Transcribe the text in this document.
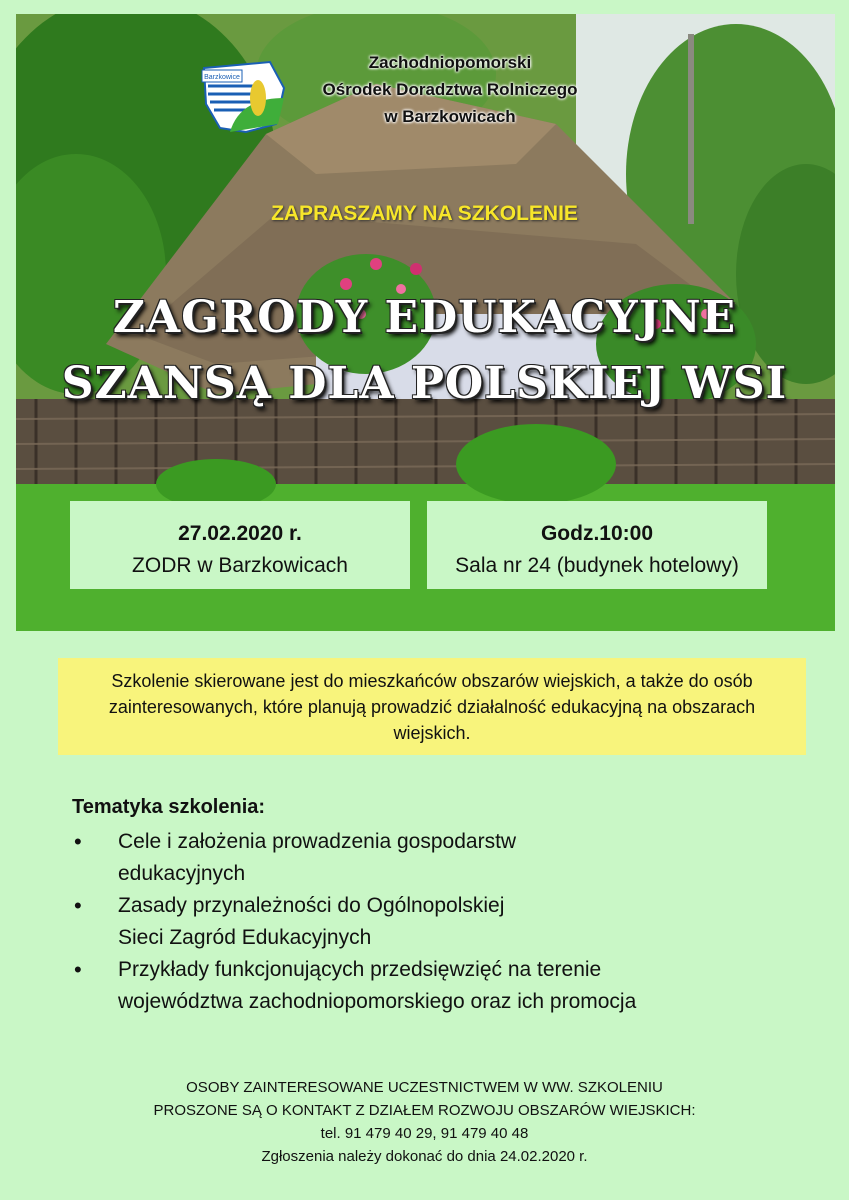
Barzkowice
Zachodniopomorski
Ośrodek Doradztwa Rolniczego
w Barzkowicach
ZAPRASZAMY NA SZKOLENIE
ZAGRODY EDUKACYJNE
SZANSĄ DLA POLSKIEJ WSI
27.02.2020 r.
ZODR w Barzkowicach
Godz.10:00
Sala nr 24 (budynek hotelowy)
Szkolenie skierowane jest do mieszkańców obszarów wiejskich, a także do osób zainteresowanych, które planują prowadzić działalność edukacyjną na obszarach wiejskich.
Tematyka szkolenia:
• Cele i założenia prowadzenia gospodarstw
edukacyjnych
• Zasady przynależności do Ogólnopolskiej
Sieci Zagród Edukacyjnych
• Przykłady funkcjonujących przedsięwzięć na terenie
województwa zachodniopomorskiego oraz ich promocja
OSOBY ZAINTERESOWANE UCZESTNICTWEM W WW. SZKOLENIU
PROSZONE SĄ O KONTAKT Z DZIAŁEM ROZWOJU OBSZARÓW WIEJSKICH:
tel. 91 479 40 29, 91 479 40 48
Zgłoszenia należy dokonać do dnia 24.02.2020 r.
